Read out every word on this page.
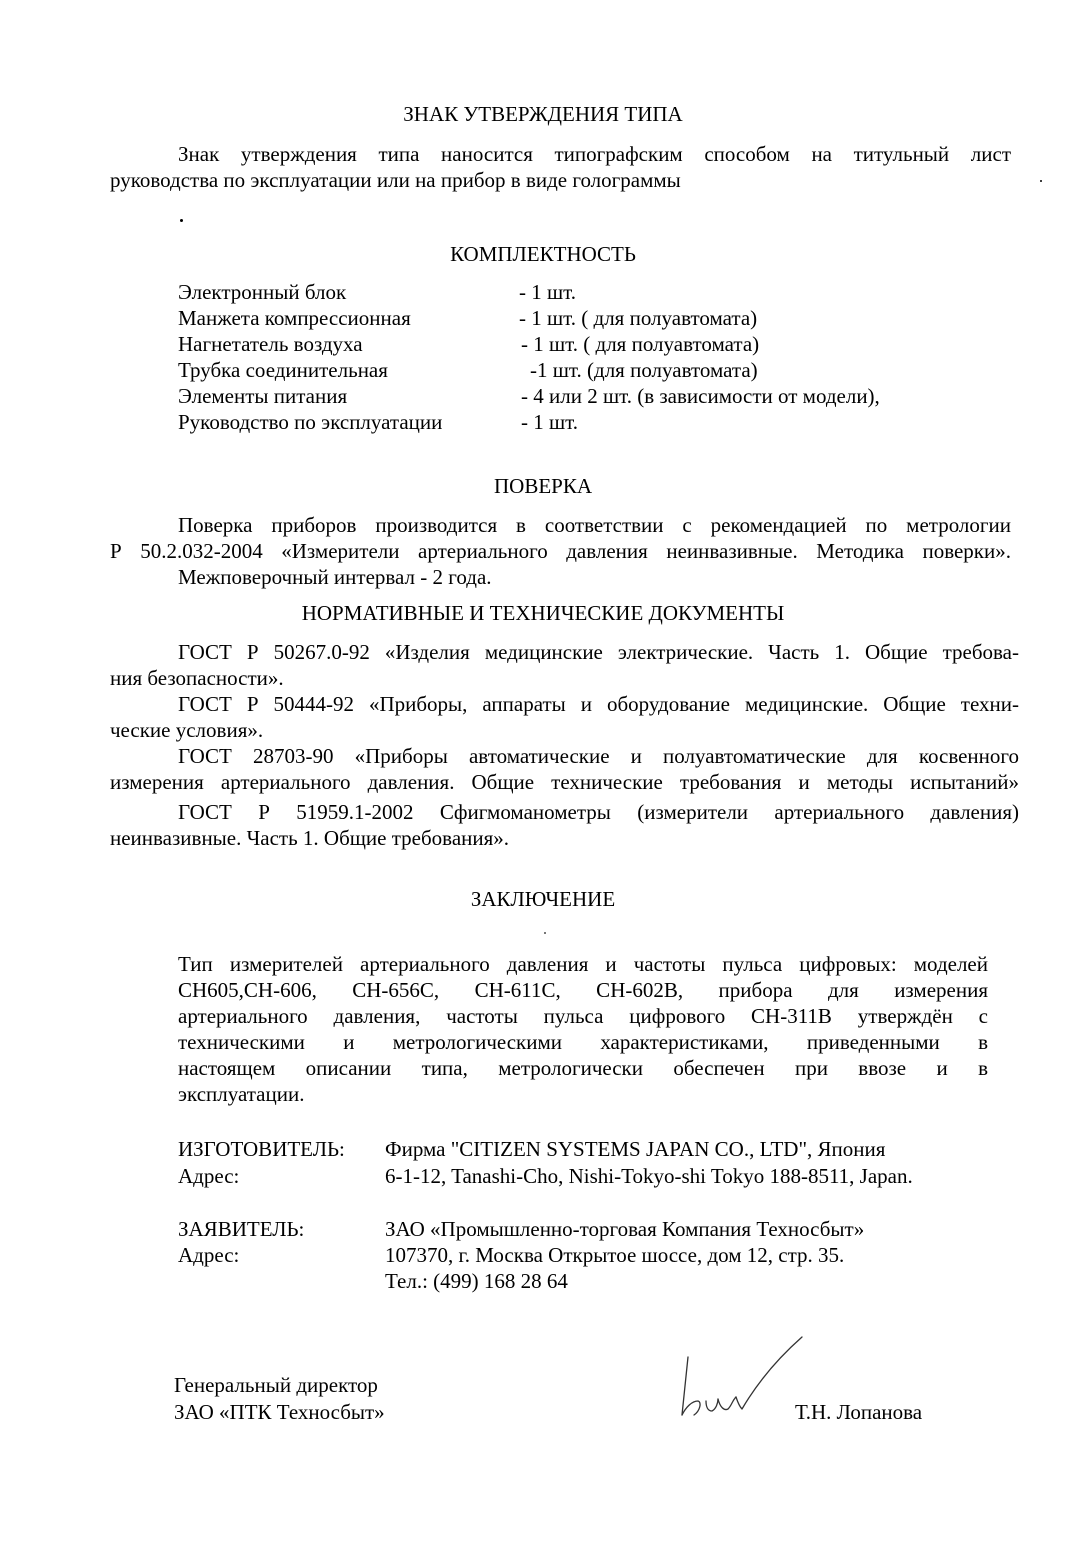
ЗНАК УТВЕРЖДЕНИЯ ТИПА
Знак утверждения типа наносится типографским способом на титульный лист
руководства по эксплуатации или на прибор в виде голограммы
КОМПЛЕКТНОСТЬ
Электронный блок	- 1 шт.
Манжета компрессионная	- 1 шт. ( для полуавтомата)
Нагнетатель воздуха	- 1 шт. ( для полуавтомата)
Трубка соединительная	-1 шт. (для полуавтомата)
Элементы питания	- 4 или 2 шт. (в зависимости от модели),
Руководство по эксплуатации	- 1 шт.
ПОВЕРКА
Поверка приборов производится в соответствии с рекомендацией по метрологии
Р 50.2.032-2004 «Измерители артериального давления неинвазивные. Методика поверки».
Межповерочный интервал - 2 года.
НОРМАТИВНЫЕ И ТЕХНИЧЕСКИЕ ДОКУМЕНТЫ
ГОСТ Р 50267.0-92 «Изделия медицинские электрические. Часть 1. Общие требова-
ния безопасности».
ГОСТ Р 50444-92 «Приборы, аппараты и оборудование медицинские. Общие техни-
ческие условия».
ГОСТ 28703-90 «Приборы автоматические и полуавтоматические для косвенного
измерения артериального давления. Общие технические требования и методы испытаний»
ГОСТ Р 51959.1-2002 Сфигмоманометры (измерители артериального давления)
неинвазивные. Часть 1. Общие требования».
ЗАКЛЮЧЕНИЕ
Тип измерителей артериального давления и частоты пульса цифровых: моделей
СН605,СН-606, СН-656С, СН-611С, СН-602В, прибора для измерения
артериального давления, частоты пульса цифрового СН-311В утверждён с
техническими и метрологическими характеристиками, приведенными в
настоящем описании типа, метрологически обеспечен при ввозе и в
эксплуатации.
ИЗГОТОВИТЕЛЬ: Фирма "CITIZEN SYSTEMS JAPAN CO., LTD", Япония
Адрес:	6-1-12, Tanashi-Cho, Nishi-Tokyo-shi Tokyo 188-8511, Japan.
ЗАЯВИТЕЛЬ:	ЗАО «Промышленно-торговая Компания Техносбыт»
Адрес:	107370, г. Москва Открытое шоссе, дом 12, стр. 35.
Тел.: (499) 168 28 64
Генеральный директор
ЗАО «ПТК Техносбыт»	Т.Н. Лопанова
